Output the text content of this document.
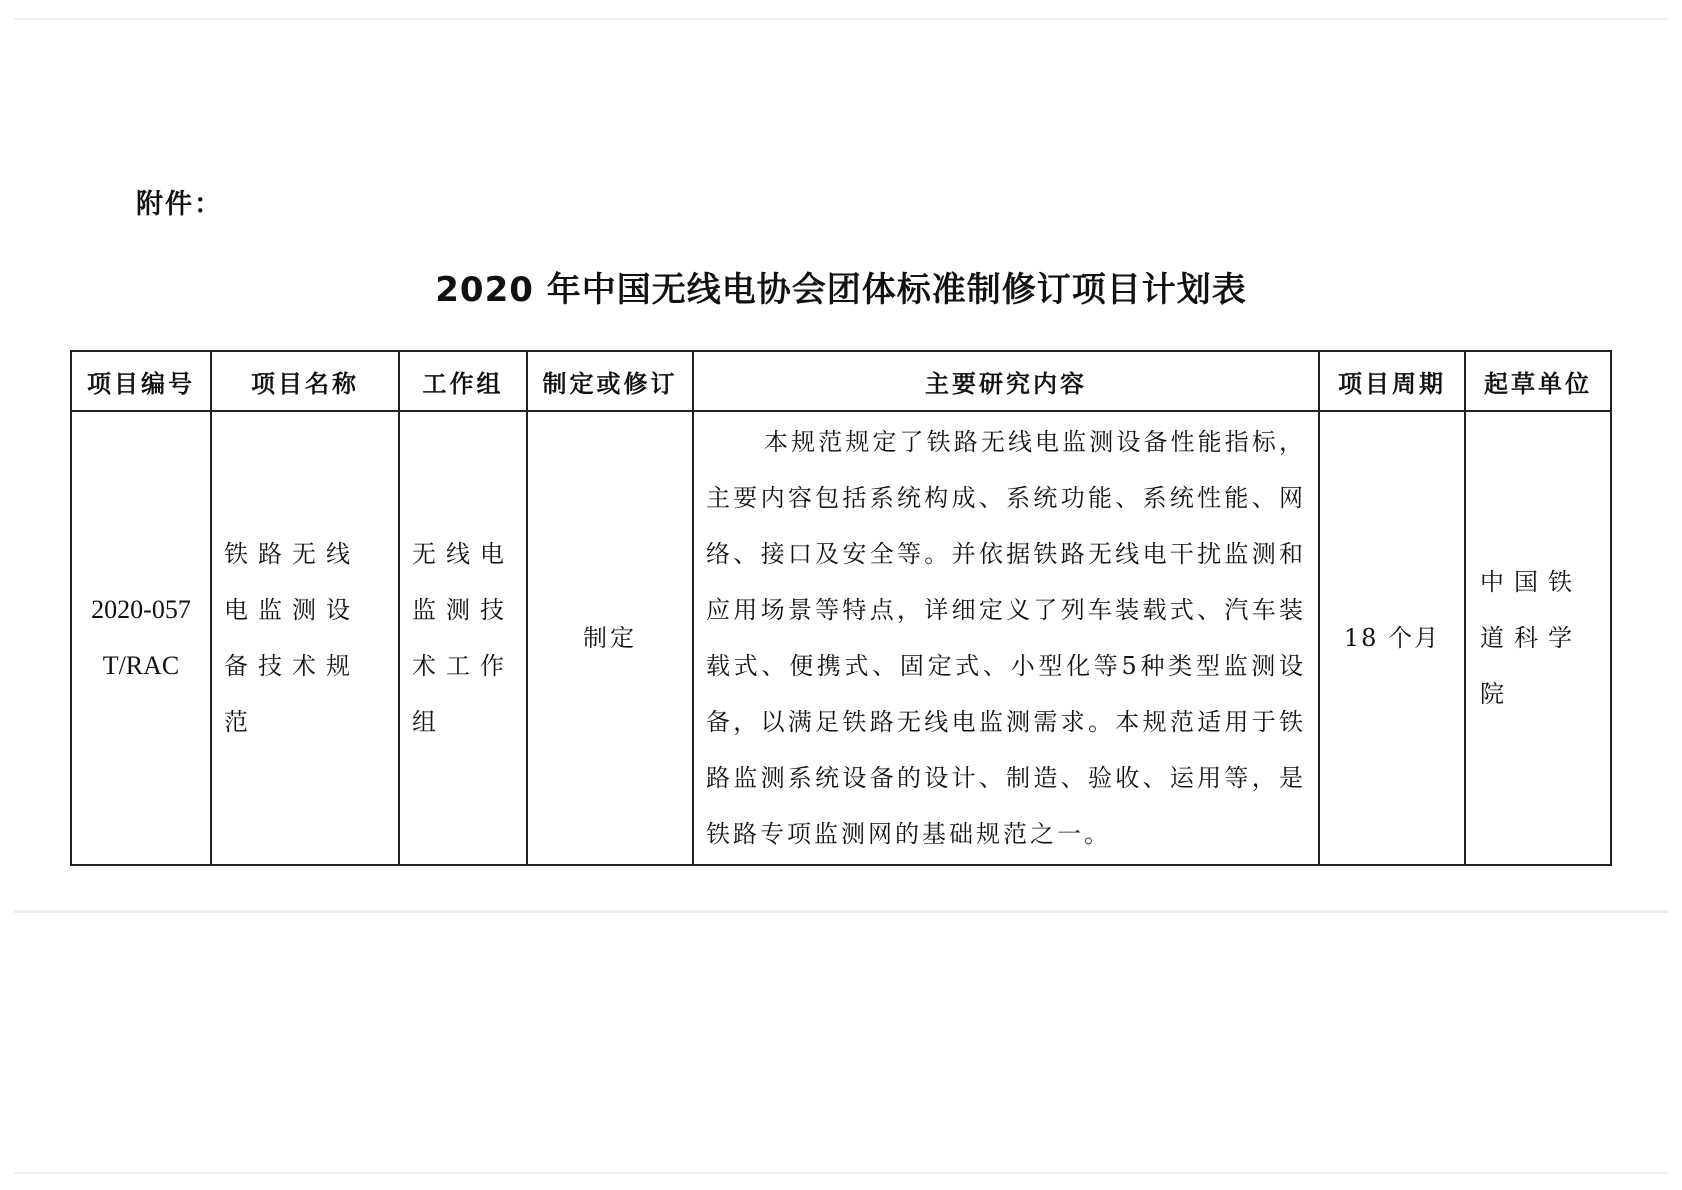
附件：
2020 年中国无线电协会团体标准制修订项目计划表
项目编号	项目名称	工作组	制定或修订	主要研究内容	项目周期	起草单位

2020-057
T/RAC	铁路无线电监测设备技术规范	无线电监测技术工作组	制定	本规范规定了铁路无线电监测设备性能指标，主要内容包括系统构成、系统功能、系统性能、网络、接口及安全等。并依据铁路无线电干扰监测和应用场景等特点，详细定义了列车装载式、汽车装载式、便携式、固定式、小型化等5种类型监测设备，以满足铁路无线电监测需求。本规范适用于铁路监测系统设备的设计、制造、验收、运用等，是铁路专项监测网的基础规范之一。	18 个月	中国铁道科学院
